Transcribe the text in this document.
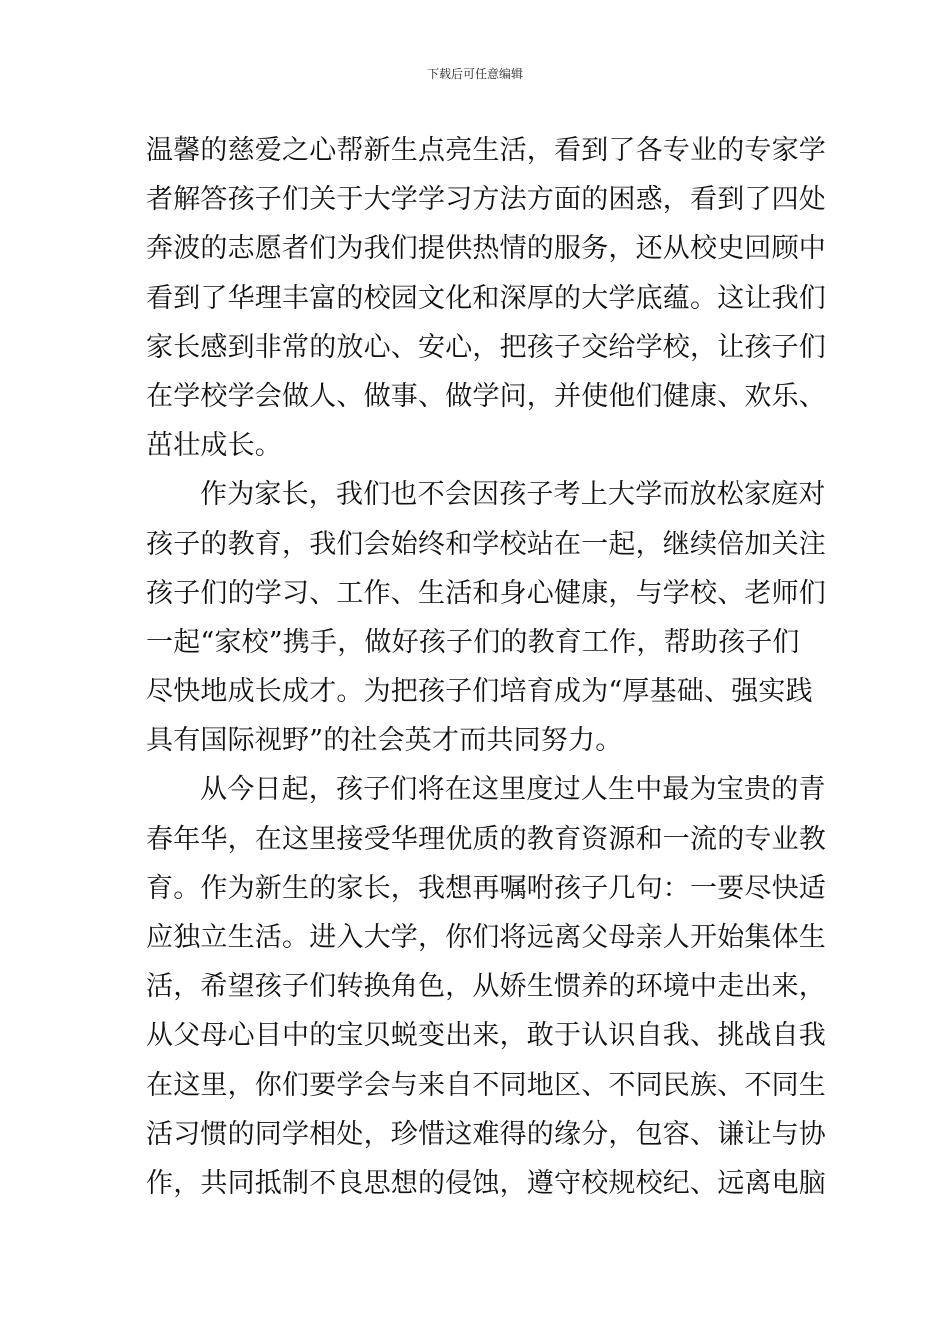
下载后可任意编辑
温馨的慈爱之心帮新生点亮生活，看到了各专业的专家学
者解答孩子们关于大学学习方法方面的困惑，看到了四处
奔波的志愿者们为我们提供热情的服务，还从校史回顾中
看到了华理丰富的校园文化和深厚的大学底蕴。这让我们
家长感到非常的放心、安心，把孩子交给学校，让孩子们
在学校学会做人、做事、做学问，并使他们健康、欢乐、
茁壮成长。
作为家长，我们也不会因孩子考上大学而放松家庭对
孩子的教育，我们会始终和学校站在一起，继续倍加关注
孩子们的学习、工作、生活和身心健康，与学校、老师们
一起“家校”携手，做好孩子们的教育工作，帮助孩子们
尽快地成长成才。为把孩子们培育成为“厚基础、强实践
具有国际视野”的社会英才而共同努力。
从今日起，孩子们将在这里度过人生中最为宝贵的青
春年华，在这里接受华理优质的教育资源和一流的专业教
育。作为新生的家长，我想再嘱咐孩子几句：一要尽快适
应独立生活。进入大学，你们将远离父母亲人开始集体生
活，希望孩子们转换角色，从娇生惯养的环境中走出来，
从父母心目中的宝贝蜕变出来，敢于认识自我、挑战自我
在这里，你们要学会与来自不同地区、不同民族、不同生
活习惯的同学相处，珍惜这难得的缘分，包容、谦让与协
作，共同抵制不良思想的侵蚀，遵守校规校纪、远离电脑
